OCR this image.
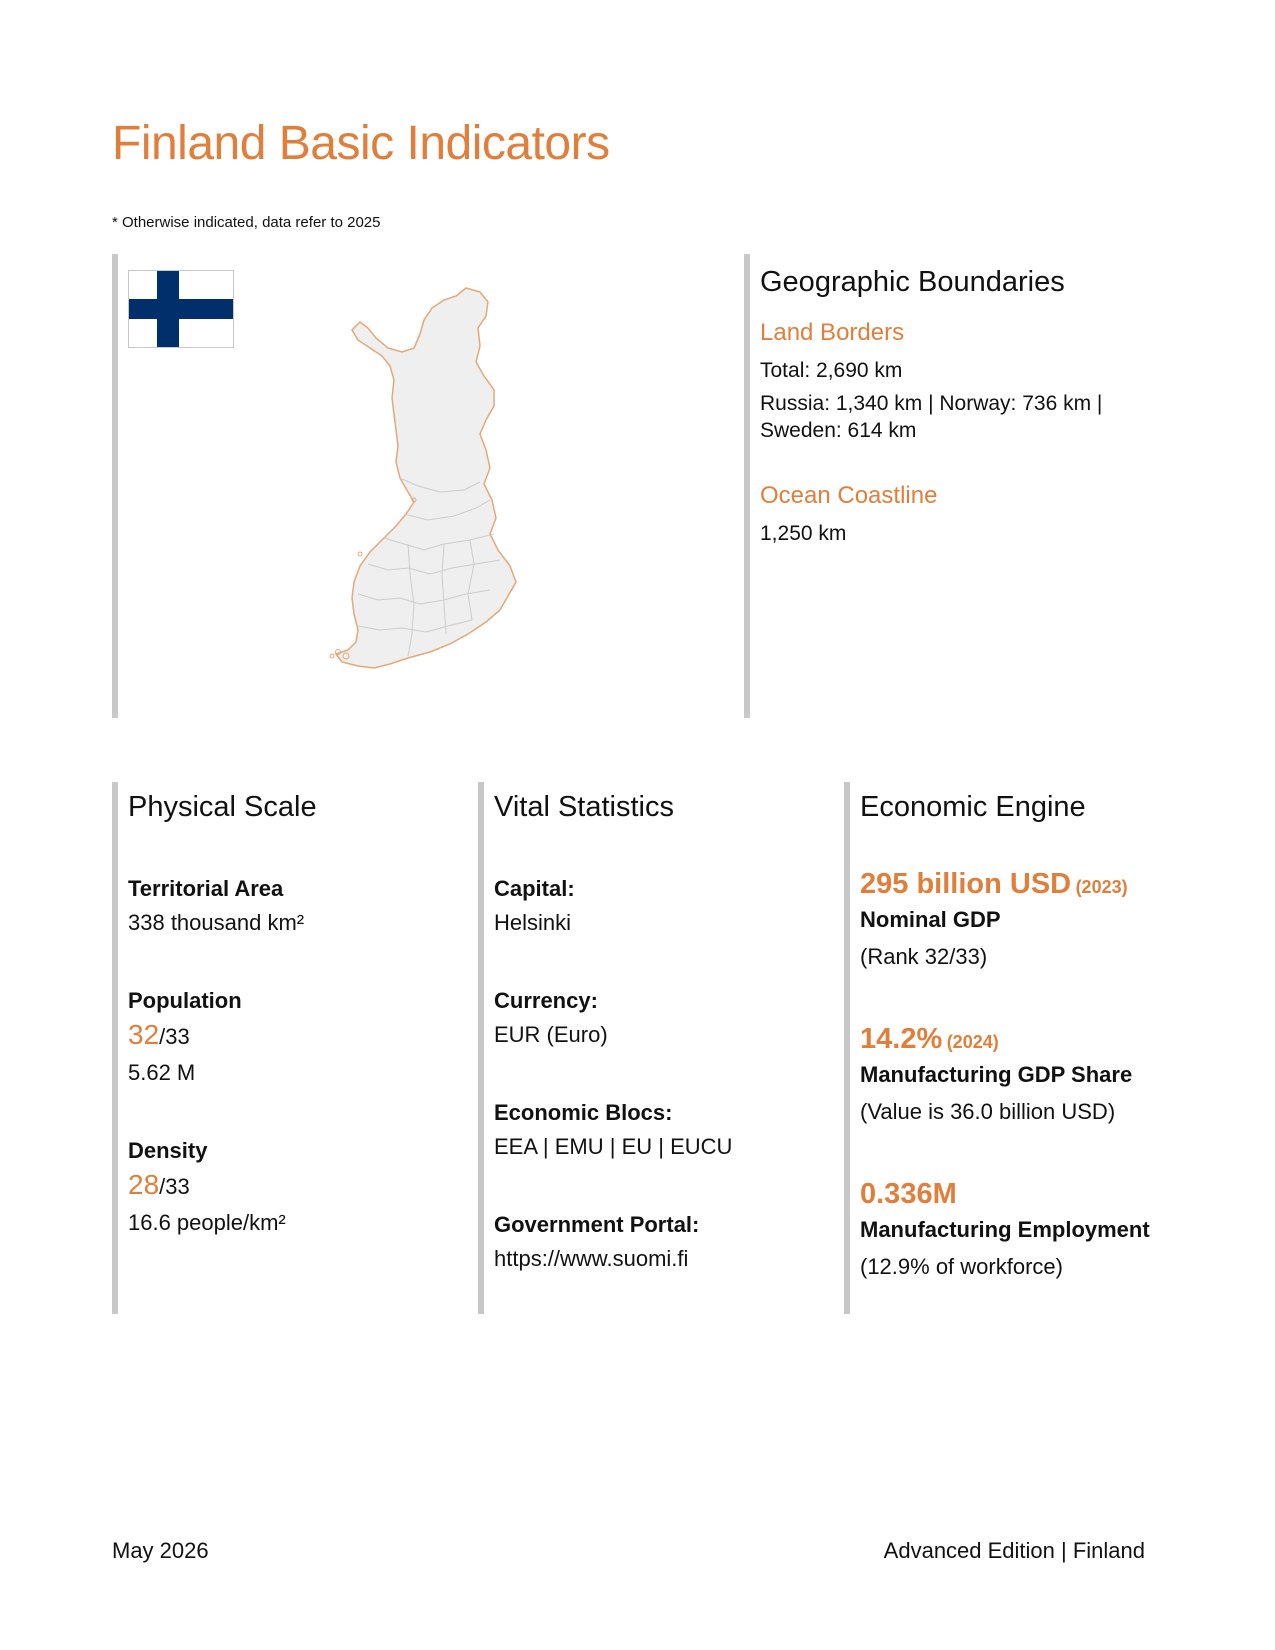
Finland Basic Indicators
* Otherwise indicated, data refer to 2025
Geographic Boundaries
Land Borders
Total: 2,690 km
Russia: 1,340 km | Norway: 736 km |
Sweden: 614 km
Ocean Coastline
1,250 km
Physical Scale
Territorial Area
338 thousand km²
Population
32/33
5.62 M
Density
28/33
16.6 people/km²
Vital Statistics
Capital:
Helsinki
Currency:
EUR (Euro)
Economic Blocs:
EEA | EMU | EU | EUCU
Government Portal:
https://www.suomi.fi
Economic Engine
295 billion USD (2023)
Nominal GDP
(Rank 32/33)
14.2% (2024)
Manufacturing GDP Share
(Value is 36.0 billion USD)
0.336M
Manufacturing Employment
(12.9% of workforce)
May 2026	Advanced Edition | Finland
